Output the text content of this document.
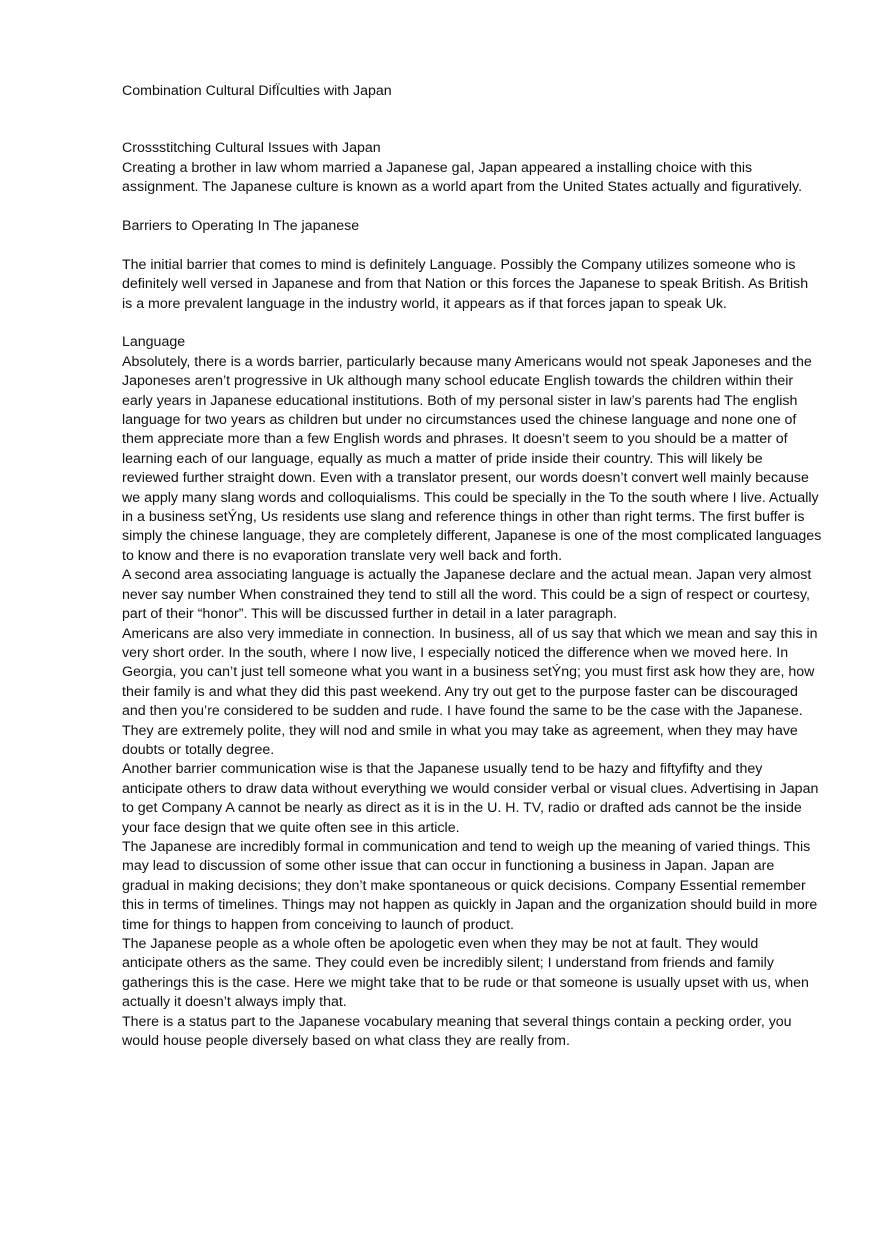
Combination Cultural DifÏculties with Japan
Crossstitching Cultural Issues with Japan

Creating a brother in law whom married a Japanese gal, Japan appeared a installing choice with this assignment. The Japanese culture is known as a world apart from the United States actually and figuratively.

Barriers to Operating In The japanese

The initial barrier that comes to mind is definitely Language. Possibly the Company utilizes someone who is definitely well versed in Japanese and from that Nation or this forces the Japanese to speak British. As British is a more prevalent language in the industry world, it appears as if that forces japan to speak Uk.

Language

Absolutely, there is a words barrier, particularly because many Americans would not speak Japoneses and the Japoneses aren’t progressive in Uk although many school educate English towards the children within their early years in Japanese educational institutions. Both of my personal sister in law’s parents had The english language for two years as children but under no circumstances used the chinese language and none one of them appreciate more than a few English words and phrases. It doesn’t seem to you should be a matter of learning each of our language, equally as much a matter of pride inside their country. This will likely be reviewed further straight down. Even with a translator present, our words doesn’t convert well mainly because we apply many slang words and colloquialisms. This could be specially in the To the south where I live. Actually in a business setÝng, Us residents use slang and reference things in other than right terms. The first buffer is simply the chinese language, they are completely different, Japanese is one of the most complicated languages to know and there is no evaporation translate very well back and forth.

A second area associating language is actually the Japanese declare and the actual mean. Japan very almost never say number When constrained they tend to still all the word. This could be a sign of respect or courtesy, part of their “honor”. This will be discussed further in detail in a later paragraph.

Americans are also very immediate in connection. In business, all of us say that which we mean and say this in very short order. In the south, where I now live, I especially noticed the difference when we moved here. In Georgia, you can’t just tell someone what you want in a business setÝng; you must first ask how they are, how their family is and what they did this past weekend. Any try out get to the purpose faster can be discouraged and then you’re considered to be sudden and rude. I have found the same to be the case with the Japanese. They are extremely polite, they will nod and smile in what you may take as agreement, when they may have doubts or totally degree.

Another barrier communication wise is that the Japanese usually tend to be hazy and fiftyfifty and they anticipate others to draw data without everything we would consider verbal or visual clues. Advertising in Japan to get Company A cannot be nearly as direct as it is in the U. H. TV, radio or drafted ads cannot be the inside your face design that we quite often see in this article.

The Japanese are incredibly formal in communication and tend to weigh up the meaning of varied things. This may lead to discussion of some other issue that can occur in functioning a business in Japan. Japan are gradual in making decisions; they don’t make spontaneous or quick decisions. Company Essential remember this in terms of timelines. Things may not happen as quickly in Japan and the organization should build in more time for things to happen from conceiving to launch of product.

The Japanese people as a whole often be apologetic even when they may be not at fault. They would anticipate others as the same. They could even be incredibly silent; I understand from friends and family gatherings this is the case. Here we might take that to be rude or that someone is usually upset with us, when actually it doesn’t always imply that.

There is a status part to the Japanese vocabulary meaning that several things contain a pecking order, you would house people diversely based on what class they are really from.
